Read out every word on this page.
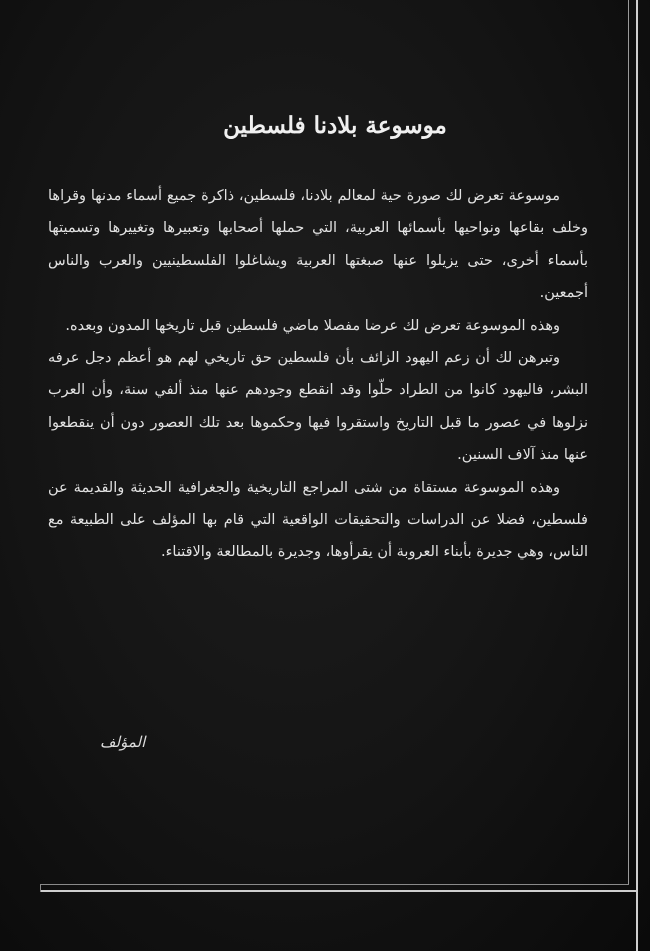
موسوعة بلادنا فلسطين

موسوعة تعرض لك صورة حية لمعالم بلادنا، فلسطين، ذاكرة جميع أسماء مدنها وقراها وخلف بقاعها ونواحيها بأسمائها العربية، التي حملها أصحابها وتعبيرها وتغييرها وتسميتها بأسماء أخرى، حتى يزيلوا عنها صبغتها العربية ويشاغلوا الفلسطينيين والعرب والناس أجمعين.

وهذه الموسوعة تعرض لك عرضا مفصلا ماضي فلسطين قبل تاريخها المدون وبعده.

وتبرهن لك أن زعم اليهود الزائف بأن فلسطين حق تاريخي لهم هو أعظم دجل عرفه البشر، فاليهود كانوا من الطراد حلّوا وقد انقطع وجودهم عنها منذ ألفي سنة، وأن العرب نزلوها في عصور ما قبل التاريخ واستقروا فيها وحكموها بعد تلك العصور دون أن ينقطعوا عنها منذ آلاف السنين.

وهذه الموسوعة مستقاة من شتى المراجع التاريخية والجغرافية الحديثة والقديمة عن فلسطين، فضلا عن الدراسات والتحقيقات الواقعية التي قام بها المؤلف على الطبيعة مع الناس، وهي جديرة بأبناء العروبة أن يقرأوها، وجديرة بالمطالعة والاقتناء.

المؤلف
